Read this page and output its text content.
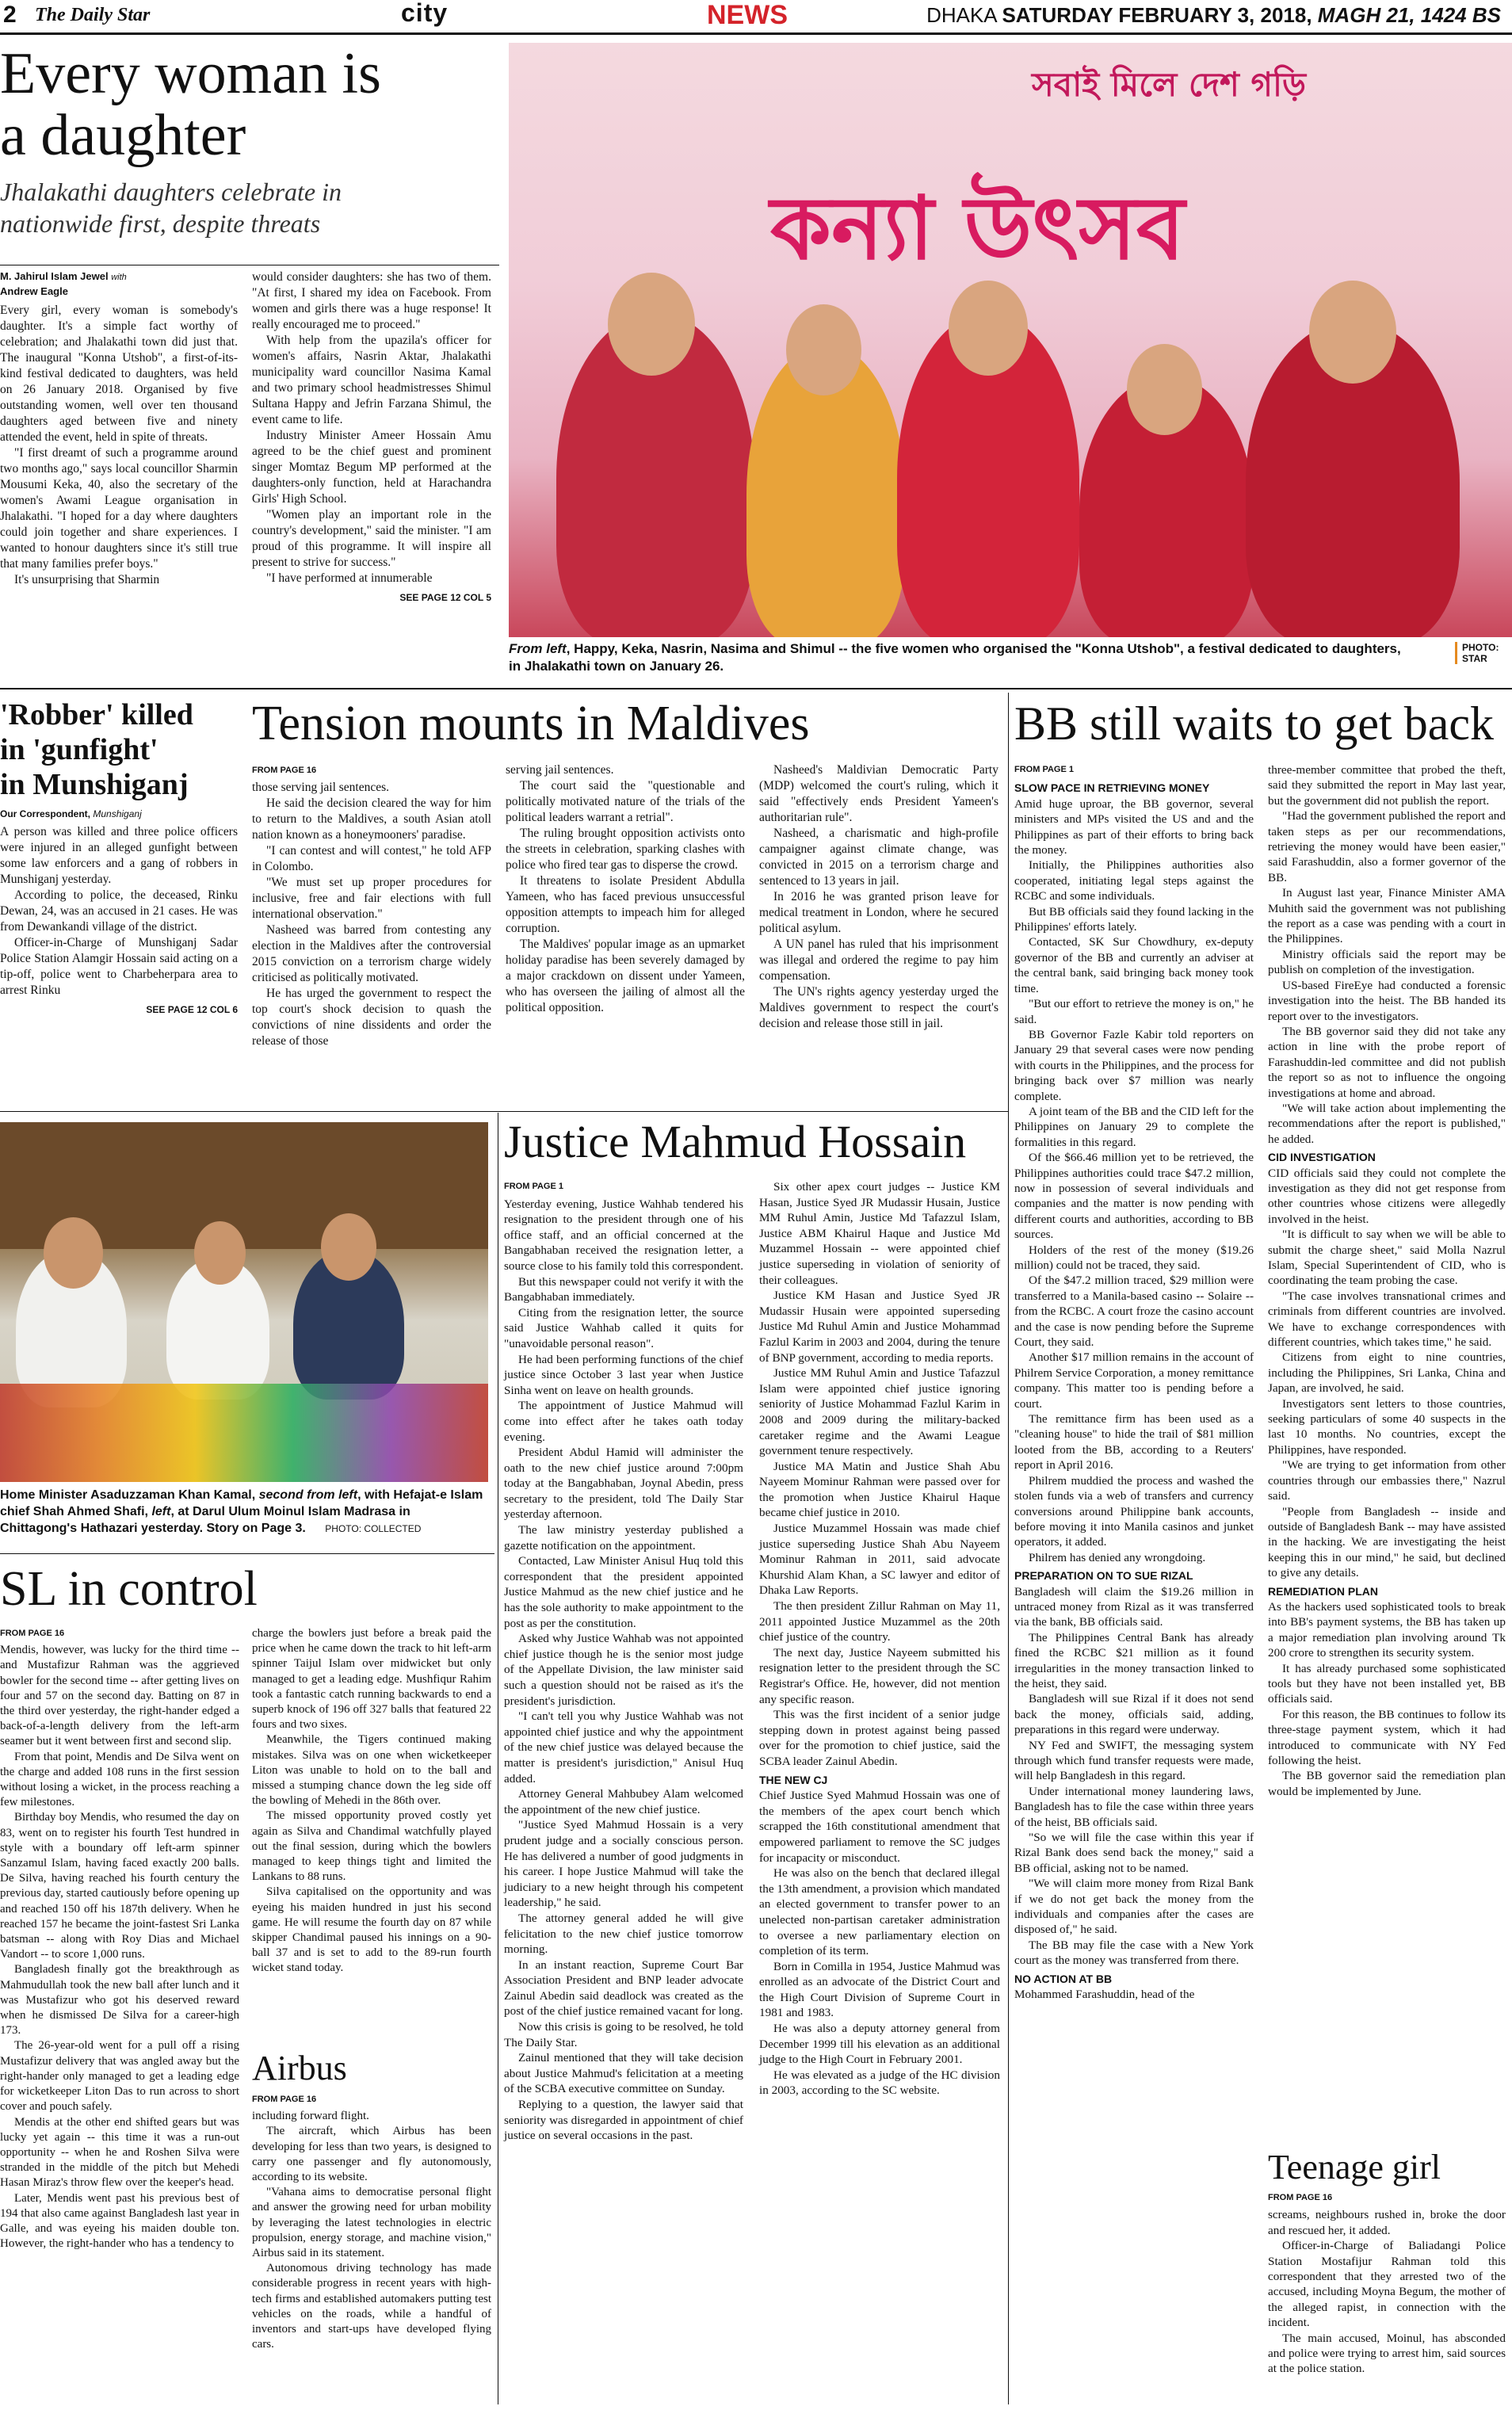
2 The Daily Star	city	NEWS	DHAKA SATURDAY FEBRUARY 3, 2018, MAGH 21, 1424 BS
Every woman is
a daughter
Jhalakathi daughters celebrate in
nationwide first, despite threats
M. Jahirul Islam Jewel with
Andrew Eagle

Every girl, every woman is somebody's daughter. It's a simple fact worthy of celebration; and Jhalakathi town did just that. The inaugural "Konna Utshob", a first-of-its-kind festival dedicated to daughters, was held on 26 January 2018. Organised by five outstanding women, well over ten thousand daughters aged between five and ninety attended the event, held in spite of threats.

"I first dreamt of such a programme around two months ago," says local councillor Sharmin Mousumi Keka, 40, also the secretary of the women's Awami League organisation in Jhalakathi. "I hoped for a day where daughters could join together and share experiences. I wanted to honour daughters since it's still true that many families prefer boys."

It's unsurprising that Sharmin

would consider daughters: she has two of them. "At first, I shared my idea on Facebook. From women and girls there was a huge response! It really encouraged me to proceed."

With help from the upazila's officer for women's affairs, Nasrin Aktar, Jhalakathi municipality ward councillor Nasima Kamal and two primary school headmistresses Shimul Sultana Happy and Jefrin Farzana Shimul, the event came to life.

Industry Minister Ameer Hossain Amu agreed to be the chief guest and prominent singer Momtaz Begum MP performed at the daughters-only function, held at Harachandra Girls' High School.

"Women play an important role in the country's development," said the minister. "I am proud of this programme. It will inspire all present to strive for success."

"I have performed at innumerable

SEE PAGE 12 COL 5
সবাই মিলে দেশ গড়ি
কন্যা উৎসব
From left, Happy, Keka, Nasrin, Nasima and Shimul -- the five women who organised the "Konna Utshob", a festival dedicated to daughters, in Jhalakathi town on January 26.
PHOTO: STAR
'Robber' killed
in 'gunfight'
in Munshiganj
Our Correspondent, Munshiganj

A person was killed and three police officers were injured in an alleged gunfight between some law enforcers and a gang of robbers in Munshiganj yesterday.

According to police, the deceased, Rinku Dewan, 24, was an accused in 21 cases. He was from Dewankandi village of the district.

Officer-in-Charge of Munshiganj Sadar Police Station Alamgir Hossain said acting on a tip-off, police went to Charbeherpara area to arrest Rinku

SEE PAGE 12 COL 6
Tension mounts in Maldives
FROM PAGE 16

those serving jail sentences.

He said the decision cleared the way for him to return to the Maldives, a south Asian atoll nation known as a honeymooners' paradise.

"I can contest and will contest," he told AFP in Colombo.

"We must set up proper procedures for inclusive, free and fair elections with full international observation."

Nasheed was barred from contesting any election in the Maldives after the controversial 2015 conviction on a terrorism charge widely criticised as politically motivated.

He has urged the government to respect the top court's shock decision to quash the convictions of nine dissidents and order the release of those

serving jail sentences.

The court said the "questionable and politically motivated nature of the trials of the political leaders warrant a retrial".

The ruling brought opposition activists onto the streets in celebration, sparking clashes with police who fired tear gas to disperse the crowd.

It threatens to isolate President Abdulla Yameen, who has faced previous unsuccessful opposition attempts to impeach him for alleged corruption.

The Maldives' popular image as an upmarket holiday paradise has been severely damaged by a major crackdown on dissent under Yameen, who has overseen the jailing of almost all the political opposition.

Nasheed's Maldivian Democratic Party (MDP) welcomed the court's ruling, which it said "effectively ends President Yameen's authoritarian rule".

Nasheed, a charismatic and high-profile campaigner against climate change, was convicted in 2015 on a terrorism charge and sentenced to 13 years in jail.

In 2016 he was granted prison leave for medical treatment in London, where he secured political asylum.

A UN panel has ruled that his imprisonment was illegal and ordered the regime to pay him compensation.

The UN's rights agency yesterday urged the Maldives government to respect the court's decision and release those still in jail.

BB still waits to get back
FROM PAGE 1
SLOW PACE IN RETRIEVING MONEY

Amid huge uproar, the BB governor, several ministers and MPs visited the US and and the Philippines as part of their efforts to bring back the money.

Initially, the Philippines authorities also cooperated, initiating legal steps against the RCBC and some individuals.

But BB officials said they found lacking in the Philippines' efforts lately.

Contacted, SK Sur Chowdhury, ex-deputy governor of the BB and currently an adviser at the central bank, said bringing back money took time.

"But our effort to retrieve the money is on," he said.

BB Governor Fazle Kabir told reporters on January 29 that several cases were now pending with courts in the Philippines, and the process for bringing back over $7 million was nearly complete.

A joint team of the BB and the CID left for the Philippines on January 29 to complete the formalities in this regard.

Of the $66.46 million yet to be retrieved, the Philippines authorities could trace $47.2 million, now in possession of several individuals and companies and the matter is now pending with different courts and authorities, according to BB sources.

Holders of the rest of the money ($19.26 million) could not be traced, they said.

Of the $47.2 million traced, $29 million were transferred to a Manila-based casino -- Solaire -- from the RCBC. A court froze the casino account and the case is now pending before the Supreme Court, they said.

Another $17 million remains in the account of Philrem Service Corporation, a money remittance company. This matter too is pending before a court.

The remittance firm has been used as a "cleaning house" to hide the trail of $81 million looted from the BB, according to a Reuters' report in April 2016.

Philrem muddied the process and washed the stolen funds via a web of transfers and currency conversions around Philippine bank accounts, before moving it into Manila casinos and junket operators, it added.

Philrem has denied any wrongdoing.

PREPARATION ON TO SUE RIZAL

Bangladesh will claim the $19.26 million in untraced money from Rizal as it was transferred via the bank, BB officials said.

The Philippines Central Bank has already fined the RCBC $21 million as it found irregularities in the money transaction linked to the heist, they said.

Bangladesh will sue Rizal if it does not send back the money, officials said, adding, preparations in this regard were underway.

NY Fed and SWIFT, the messaging system through which fund transfer requests were made, will help Bangladesh in this regard.

Under international money laundering laws, Bangladesh has to file the case within three years of the heist, BB officials said.

"So we will file the case within this year if Rizal Bank does send back the money," said a BB official, asking not to be named.

"We will claim more money from Rizal Bank if we do not get back the money from the individuals and companies after the cases are disposed of," he said.

The BB may file the case with a New York court as the money was transferred from there.

NO ACTION AT BB

Mohammed Farashuddin, head of the

three-member committee that probed the theft, said they submitted the report in May last year, but the government did not publish the report.

"Had the government published the report and taken steps as per our recommendations, retrieving the money would have been easier," said Farashuddin, also a former governor of the BB.

In August last year, Finance Minister AMA Muhith said the government was not publishing the report as a case was pending with a court in the Philippines.

Ministry officials said the report may be publish on completion of the investigation.

US-based FireEye had conducted a forensic investigation into the heist. The BB handed its report over to the investigators.

The BB governor said they did not take any action in line with the probe report of Farashuddin-led committee and did not publish the report so as not to influence the ongoing investigations at home and abroad.

"We will take action about implementing the recommendations after the report is published," he added.

CID INVESTIGATION

CID officials said they could not complete the investigation as they did not get response from other countries whose citizens were allegedly involved in the heist.

"It is difficult to say when we will be able to submit the charge sheet," said Molla Nazrul Islam, Special Superintendent of CID, who is coordinating the team probing the case.

"The case involves transnational crimes and criminals from different countries are involved. We have to exchange correspondences with different countries, which takes time," he said.

Citizens from eight to nine countries, including the Philippines, Sri Lanka, China and Japan, are involved, he said.

Investigators sent letters to those countries, seeking particulars of some 40 suspects in the last 10 months. No countries, except the Philippines, have responded.

"We are trying to get information from other countries through our embassies there," Nazrul said.

"People from Bangladesh -- inside and outside of Bangladesh Bank -- may have assisted in the hacking. We are investigating the heist keeping this in our mind," he said, but declined to give any details.

REMEDIATION PLAN

As the hackers used sophisticated tools to break into BB's payment systems, the BB has taken up a major remediation plan involving around Tk 200 crore to strengthen its security system.

It has already purchased some sophisticated tools but they have not been installed yet, BB officials said.

For this reason, the BB continues to follow its three-stage payment system, which it had introduced to communicate with NY Fed following the heist.

The BB governor said the remediation plan would be implemented by June.

Home Minister Asaduzzaman Khan Kamal, second from left, with Hefajat-e Islam chief Shah Ahmed Shafi, left, at Darul Ulum Moinul Islam Madrasa in Chittagong's Hathazari yesterday. Story on Page 3. PHOTO: COLLECTED
Justice Mahmud Hossain
FROM PAGE 1

Yesterday evening, Justice Wahhab tendered his resignation to the president through one of his office staff, and an official concerned at the Bangabhaban received the resignation letter, a source close to his family told this correspondent.

But this newspaper could not verify it with the Bangabhaban immediately.

Citing from the resignation letter, the source said Justice Wahhab called it quits for "unavoidable personal reason".

He had been performing functions of the chief justice since October 3 last year when Justice Sinha went on leave on health grounds.

The appointment of Justice Mahmud will come into effect after he takes oath today evening.

President Abdul Hamid will administer the oath to the new chief justice around 7:00pm today at the Bangabhaban, Joynal Abedin, press secretary to the president, told The Daily Star yesterday afternoon.

The law ministry yesterday published a gazette notification on the appointment.

Contacted, Law Minister Anisul Huq told this correspondent that the president appointed Justice Mahmud as the new chief justice and he has the sole authority to make appointment to the post as per the constitution.

Asked why Justice Wahhab was not appointed chief justice though he is the senior most judge of the Appellate Division, the law minister said such a question should not be raised as it's the president's jurisdiction.

"I can't tell you why Justice Wahhab was not appointed chief justice and why the appointment of the new chief justice was delayed because the matter is president's jurisdiction," Anisul Huq added.

Attorney General Mahbubey Alam welcomed the appointment of the new chief justice.

"Justice Syed Mahmud Hossain is a very prudent judge and a socially conscious person. He has delivered a number of good judgments in his career. I hope Justice Mahmud will take the judiciary to a new height through his competent leadership," he said.

The attorney general added he will give felicitation to the new chief justice tomorrow morning.

In an instant reaction, Supreme Court Bar Association President and BNP leader advocate Zainul Abedin said deadlock was created as the post of the chief justice remained vacant for long.

Now this crisis is going to be resolved, he told The Daily Star.

Zainul mentioned that they will take decision about Justice Mahmud's felicitation at a meeting of the SCBA executive committee on Sunday.

Replying to a question, the lawyer said that seniority was disregarded in appointment of chief justice on several occasions in the past.

Six other apex court judges -- Justice KM Hasan, Justice Syed JR Mudassir Husain, Justice MM Ruhul Amin, Justice Md Tafazzul Islam, Justice ABM Khairul Haque and Justice Md Muzammel Hossain -- were appointed chief justice superseding in violation of seniority of their colleagues.

Justice KM Hasan and Justice Syed JR Mudassir Husain were appointed superseding Justice Md Ruhul Amin and Justice Mohammad Fazlul Karim in 2003 and 2004, during the tenure of BNP government, according to media reports.

Justice MM Ruhul Amin and Justice Tafazzul Islam were appointed chief justice ignoring seniority of Justice Mohammad Fazlul Karim in 2008 and 2009 during the military-backed caretaker regime and the Awami League government tenure respectively.

Justice MA Matin and Justice Shah Abu Nayeem Mominur Rahman were passed over for the promotion when Justice Khairul Haque became chief justice in 2010.

Justice Muzammel Hossain was made chief justice superseding Justice Shah Abu Nayeem Mominur Rahman in 2011, said advocate Khurshid Alam Khan, a SC lawyer and editor of Dhaka Law Reports.

The then president Zillur Rahman on May 11, 2011 appointed Justice Muzammel as the 20th chief justice of the country.

The next day, Justice Nayeem submitted his resignation letter to the president through the SC Registrar's Office. He, however, did not mention any specific reason.

This was the first incident of a senior judge stepping down in protest against being passed over for the promotion to chief justice, said the SCBA leader Zainul Abedin.

THE NEW CJ

Chief Justice Syed Mahmud Hossain was one of the members of the apex court bench which scrapped the 16th constitutional amendment that empowered parliament to remove the SC judges for incapacity or misconduct.

He was also on the bench that declared illegal the 13th amendment, a provision which mandated an elected government to transfer power to an unelected non-partisan caretaker administration to oversee a new parliamentary election on completion of its term.

Born in Comilla in 1954, Justice Mahmud was enrolled as an advocate of the District Court and the High Court Division of Supreme Court in 1981 and 1983.

He was also a deputy attorney general from December 1999 till his elevation as an additional judge to the High Court in February 2001.

He was elevated as a judge of the HC division in 2003, according to the SC website.

SL in control
FROM PAGE 16

Mendis, however, was lucky for the third time -- and Mustafizur Rahman was the aggrieved bowler for the second time -- after getting lives on four and 57 on the second day. Batting on 87 in the third over yesterday, the right-hander edged a back-of-a-length delivery from the left-arm seamer but it went between first and second slip.

From that point, Mendis and De Silva went on the charge and added 108 runs in the first session without losing a wicket, in the process reaching a few milestones.

Birthday boy Mendis, who resumed the day on 83, went on to register his fourth Test hundred in style with a boundary off left-arm spinner Sanzamul Islam, having faced exactly 200 balls. De Silva, having reached his fourth century the previous day, started cautiously before opening up and reached 150 off his 187th delivery. When he reached 157 he became the joint-fastest Sri Lanka batsman -- along with Roy Dias and Michael Vandort -- to score 1,000 runs.

Bangladesh finally got the breakthrough as Mahmudullah took the new ball after lunch and it was Mustafizur who got his deserved reward when he dismissed De Silva for a career-high 173.

The 26-year-old went for a pull off a rising Mustafizur delivery that was angled away but the right-hander only managed to get a leading edge for wicketkeeper Liton Das to run across to short cover and pouch safely.

Mendis at the other end shifted gears but was lucky yet again -- this time it was a run-out opportunity -- when he and Roshen Silva were stranded in the middle of the pitch but Mehedi Hasan Miraz's throw flew over the keeper's head.

Later, Mendis went past his previous best of 194 that also came against Bangladesh last year in Galle, and was eyeing his maiden double ton. However, the right-hander who has a tendency to

charge the bowlers just before a break paid the price when he came down the track to hit left-arm spinner Taijul Islam over midwicket but only managed to get a leading edge. Mushfiqur Rahim took a fantastic catch running backwards to end a superb knock of 196 off 327 balls that featured 22 fours and two sixes.

Meanwhile, the Tigers continued making mistakes. Silva was on one when wicketkeeper Liton was unable to hold on to the ball and missed a stumping chance down the leg side off the bowling of Mehedi in the 86th over.

The missed opportunity proved costly yet again as Silva and Chandimal watchfully played out the final session, during which the bowlers managed to keep things tight and limited the Lankans to 88 runs.

Silva capitalised on the opportunity and was eyeing his maiden hundred in just his second game. He will resume the fourth day on 87 while skipper Chandimal paused his innings on a 90-ball 37 and is set to add to the 89-run fourth wicket stand today.

Airbus
FROM PAGE 16

including forward flight.

The aircraft, which Airbus has been developing for less than two years, is designed to carry one passenger and fly autonomously, according to its website.

"Vahana aims to democratise personal flight and answer the growing need for urban mobility by leveraging the latest technologies in electric propulsion, energy storage, and machine vision," Airbus said in its statement.

Autonomous driving technology has made considerable progress in recent years with high-tech firms and established automakers putting test vehicles on the roads, while a handful of inventors and start-ups have developed flying cars.

Teenage girl
FROM PAGE 16

screams, neighbours rushed in, broke the door and rescued her, it added.

Officer-in-Charge of Baliadangi Police Station Mostafijur Rahman told this correspondent that they arrested two of the accused, including Moyna Begum, the mother of the alleged rapist, in connection with the incident.

The main accused, Moinul, has absconded and police were trying to arrest him, said sources at the police station.
